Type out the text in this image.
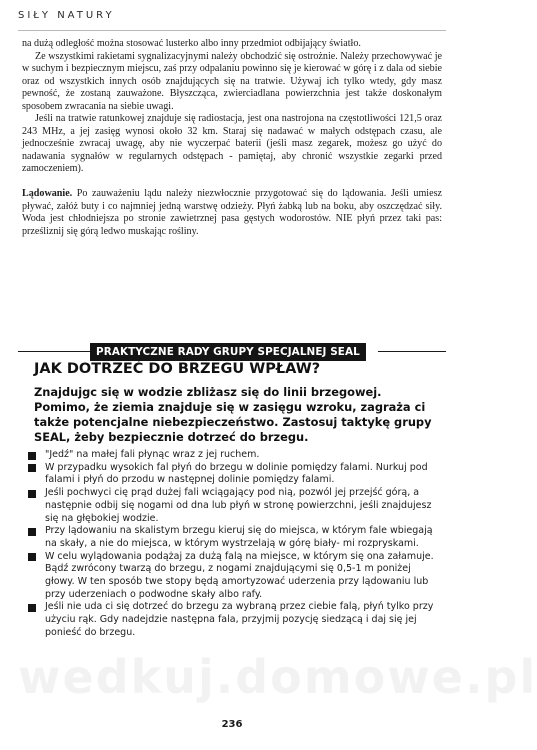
SIŁY NATURY

na dużą odległość można stosować lusterko albo inny przedmiot odbijający światło.

Ze wszystkimi rakietami sygnalizacyjnymi należy obchodzić się ostrożnie. Należy przechowywać je w suchym i bezpiecznym miejscu, zaś przy odpalaniu powinno się je kierować w górę i z dala od siebie oraz od wszystkich innych osób znajdujących się na tratwie. Używaj ich tylko wtedy, gdy masz pewność, że zostaną zauważone. Błyszcząca, zwierciadlana powierzchnia jest także doskonałym sposobem zwracania na siebie uwagi.

Jeśli na tratwie ratunkowej znajduje się radiostacja, jest ona nastrojona na częstotliwości 121,5 oraz 243 MHz, a jej zasięg wynosi około 32 km. Staraj się nadawać w małych odstępach czasu, ale jednocześnie zwracaj uwagę, aby nie wyczerpać baterii (jeśli masz zegarek, możesz go użyć do nadawania sygnałów w regularnych odstępach - pamiętaj, aby chronić wszystkie zegarki przed zamoczeniem).

Lądowanie. Po zauważeniu lądu należy niezwłocznie przygotować się do lądowania. Jeśli umiesz pływać, załóż buty i co najmniej jedną warstwę odzieży. Płyń żabką lub na boku, aby oszczędzać siły. Woda jest chłodniejsza po stronie zawietrznej pasa gęstych wodorostów. NIE płyń przez taki pas: prześliznij się górą ledwo muskając rośliny.

PRAKTYCZNE RADY GRUPY SPECJALNEJ SEAL
JAK DOTRZEĆ DO BRZEGU WPŁAW?
Znajdujgc się w wodzie zbliżasz się do linii brzegowej. Pomimo, że ziemia znajduje się w zasięgu wzroku, zagraża ci także potencjalne niebezpieczeństwo. Zastosuj taktykę grupy SEAL, żeby bezpiecznie dotrzeć do brzegu.
"Jedź" na małej fali płynąc wraz z jej ruchem.
W przypadku wysokich fal płyń do brzegu w dolinie pomiędzy falami. Nurkuj pod falami i płyń do przodu w następnej dolinie pomiędzy falami.
Jeśli pochwyci cię prąd dużej fali wciągający pod nią, pozwól jej przejść górą, a następnie odbij się nogami od dna lub płyń w stronę powierzchni, jeśli znajdujesz się na głębokiej wodzie.
Przy lądowaniu na skalistym brzegu kieruj się do miejsca, w którym fale wbiegają na skały, a nie do miejsca, w którym wystrzelają w górę biały- mi rozpryskami.
W celu wylądowania podążaj za dużą falą na miejsce, w którym się ona załamuje. Bądź zwrócony twarzą do brzegu, z nogami znajdującymi się 0,5-1 m poniżej głowy. W ten sposób twe stopy będą amortyzować uderzenia przy lądowaniu lub przy uderzeniach o podwodne skały albo rafy.
Jeśli nie uda ci się dotrzeć do brzegu za wybraną przez ciebie falą, płyń tylko przy użyciu rąk. Gdy nadejdzie następna fala, przyjmij pozycję siedzącą i daj się jej ponieść do brzegu.
wedkuj.domowe.pl
236
